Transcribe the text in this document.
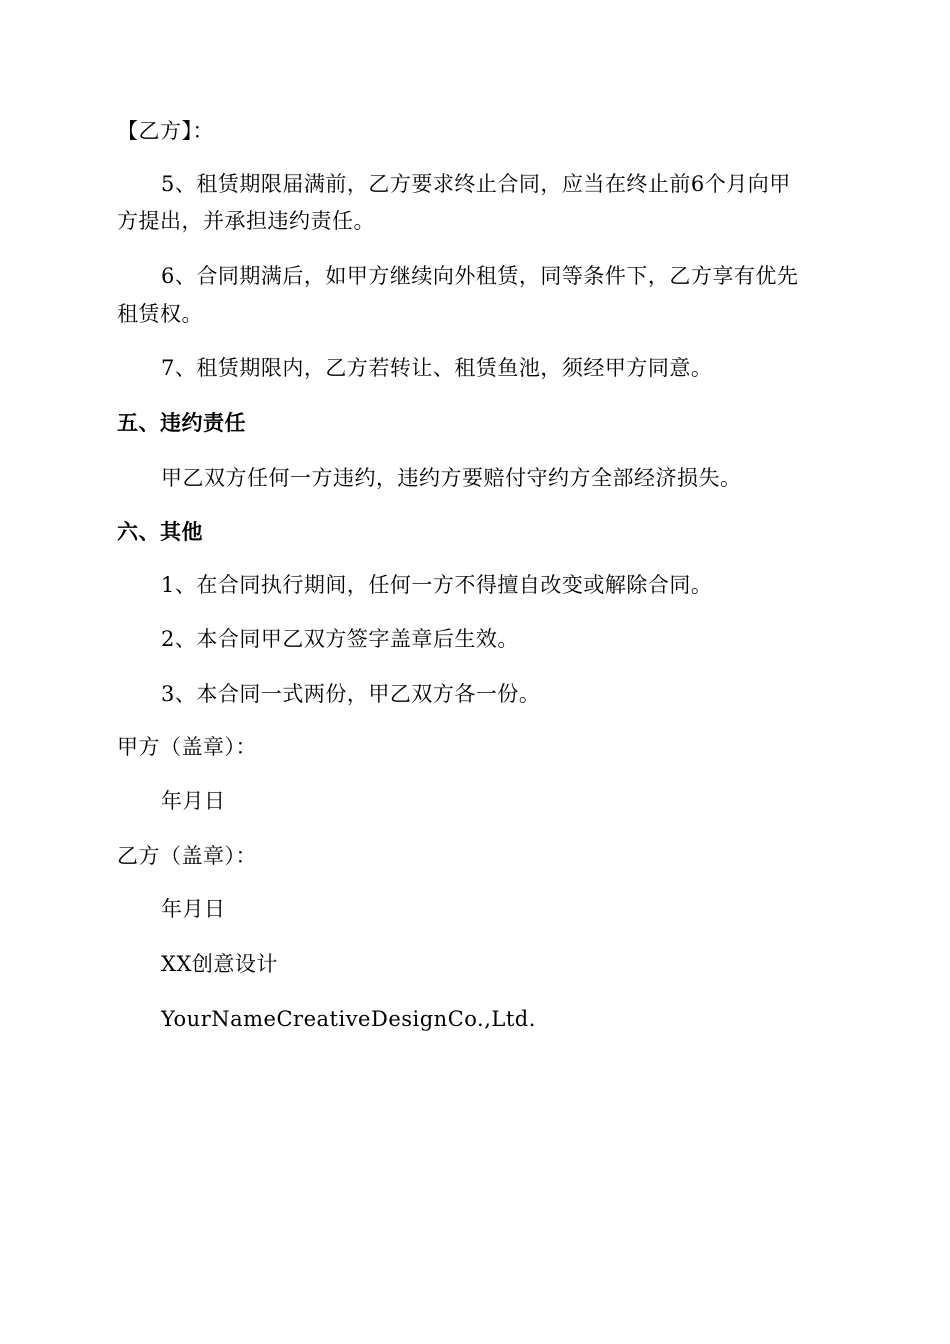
【乙方】：
5、租赁期限届满前，乙方要求终止合同，应当在终止前6个月向甲
方提出，并承担违约责任。
6、合同期满后，如甲方继续向外租赁，同等条件下，乙方享有优先
租赁权。
7、租赁期限内，乙方若转让、租赁鱼池，须经甲方同意。
五、违约责任
甲乙双方任何一方违约，违约方要赔付守约方全部经济损失。
六、其他
1、在合同执行期间，任何一方不得擅自改变或解除合同。
2、本合同甲乙双方签字盖章后生效。
3、本合同一式两份，甲乙双方各一份。
甲方（盖章）：
年月日
乙方（盖章）：
年月日
XX创意设计
YourNameCreativeDesignCo.,Ltd.
